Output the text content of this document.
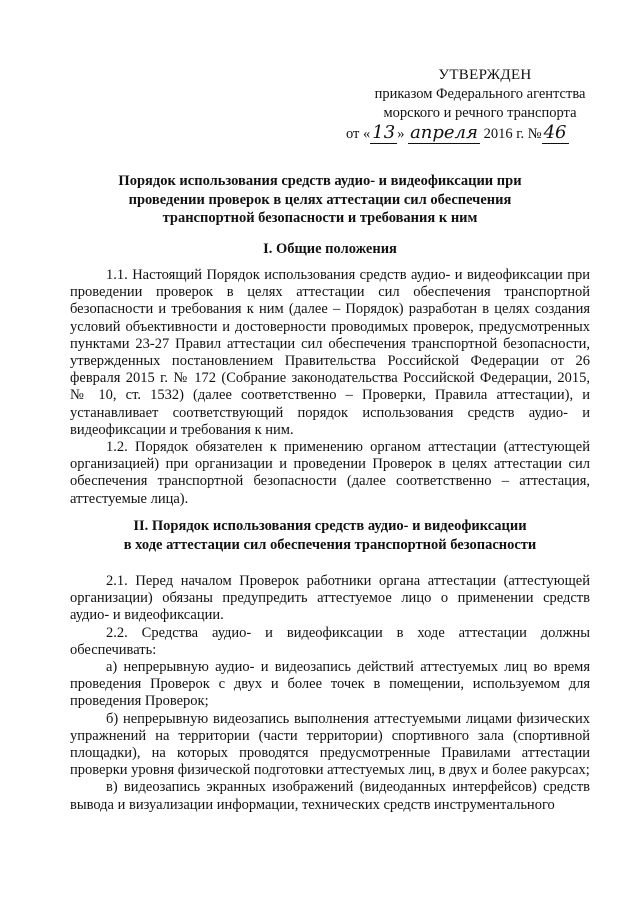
УТВЕРЖДЕН
приказом Федерального агентства
морского и речного транспорта
от « 13 » апреля 2016 г. № 46
Порядок использования средств аудио- и видеофиксации при проведении проверок в целях аттестации сил обеспечения транспортной безопасности и требования к ним
I. Общие положения

1.1. Настоящий Порядок использования средств аудио- и видеофиксации при проведении проверок в целях аттестации сил обеспечения транспортной безопасности и требования к ним (далее – Порядок) разработан в целях создания условий объективности и достоверности проводимых проверок, предусмотренных пунктами 23-27 Правил аттестации сил обеспечения транспортной безопасности, утвержденных постановлением Правительства Российской Федерации от 26 февраля 2015 г. № 172 (Собрание законодательства Российской Федерации, 2015, № 10, ст. 1532) (далее соответственно – Проверки, Правила аттестации), и устанавливает соответствующий порядок использования средств аудио- и видеофиксации и требования к ним.

1.2. Порядок обязателен к применению органом аттестации (аттестующей организацией) при организации и проведении Проверок в целях аттестации сил обеспечения транспортной безопасности (далее соответственно – аттестация, аттестуемые лица).

II. Порядок использования средств аудио- и видеофиксации
в ходе аттестации сил обеспечения транспортной безопасности

2.1. Перед началом Проверок работники органа аттестации (аттестующей организации) обязаны предупредить аттестуемое лицо о применении средств аудио- и видеофиксации.

2.2. Средства аудио- и видеофиксации в ходе аттестации должны обеспечивать:

а) непрерывную аудио- и видеозапись действий аттестуемых лиц во время проведения Проверок с двух и более точек в помещении, используемом для проведения Проверок;

б) непрерывную видеозапись выполнения аттестуемыми лицами физических упражнений на территории (части территории) спортивного зала (спортивной площадки), на которых проводятся предусмотренные Правилами аттестации проверки уровня физической подготовки аттестуемых лиц, в двух и более ракурсах;

в) видеозапись экранных изображений (видеоданных интерфейсов) средств вывода и визуализации информации, технических средств инструментального
